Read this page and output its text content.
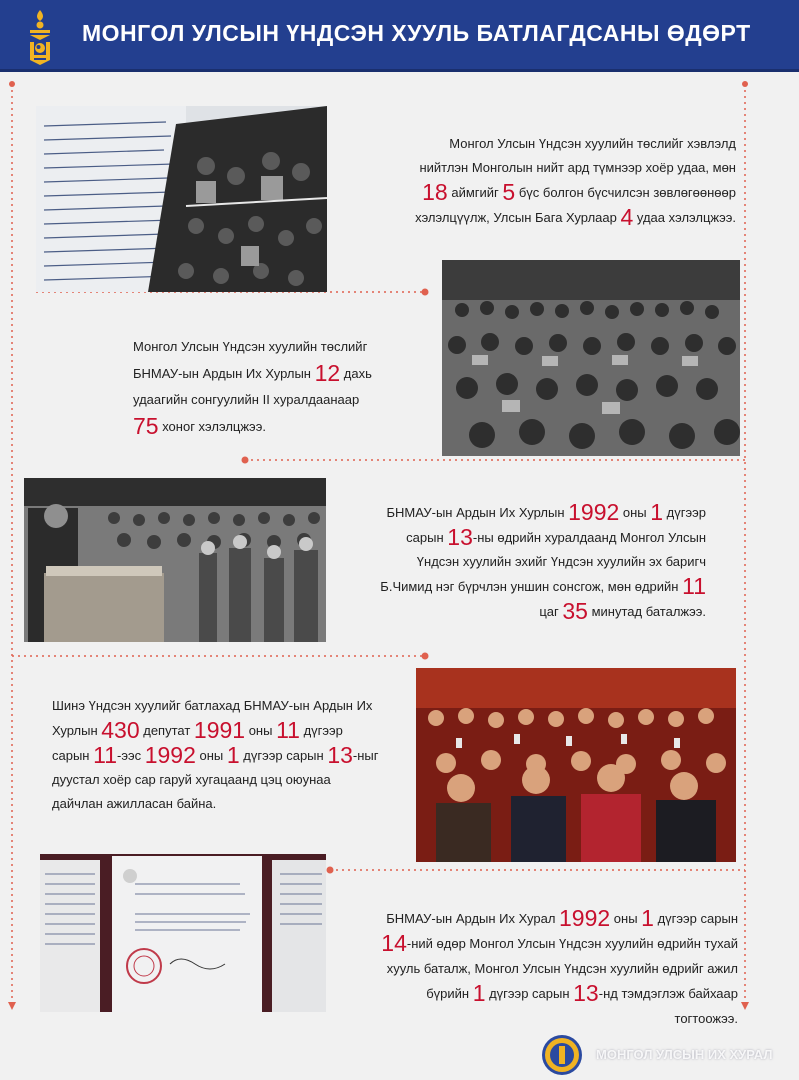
МОНГОЛ УЛСЫН ҮНДСЭН ХУУЛЬ БАТЛАГДСАНЫ ӨДӨРТ
Монгол Улсын Үндсэн хуулийн төслийг хэвлэлд нийтлэн Монголын нийт ард түмнээр хоёр удаа, мөн 18 аймгийг 5 бүс болгон бүсчилсэн зөвлөгөөнөөр хэлэлцүүлж, Улсын Бага Хурлаар 4 удаа хэлэлцжээ.
Монгол Улсын Үндсэн хуулийн төслийг БНМАУ-ын Ардын Их Хурлын 12 дахь удаагийн сонгуулийн II хуралдаанаар 75 хоног хэлэлцжээ.
БНМАУ-ын Ардын Их Хурлын 1992 оны 1 дүгээр сарын 13-ны өдрийн хуралдаанд Монгол Улсын Үндсэн хуулийн эхийг Үндсэн хуулийн эх баригч Б.Чимид нэг бүрчлэн уншин сонсгож, мөн өдрийн 11 цаг 35 минутад баталжээ.
Шинэ Үндсэн хуулийг батлахад БНМАУ-ын Ардын Их Хурлын 430 депутат 1991 оны 11 дүгээр сарын 11-ээс 1992 оны 1 дүгээр сарын 13-ныг дуустал хоёр сар гаруй хугацаанд цэц оюунаа дайчлан ажилласан байна.
БНМАУ-ын Ардын Их Хурал 1992 оны 1 дүгээр сарын 14-ний өдөр Монгол Улсын Үндсэн хуулийн өдрийн тухай хууль баталж, Монгол Улсын Үндсэн хуулийн өдрийг ажил бүрийн 1 дүгээр сарын 13-нд тэмдэглэж байхаар тогтоожээ.
МОНГОЛ УЛСЫН ИХ ХУРАЛ
